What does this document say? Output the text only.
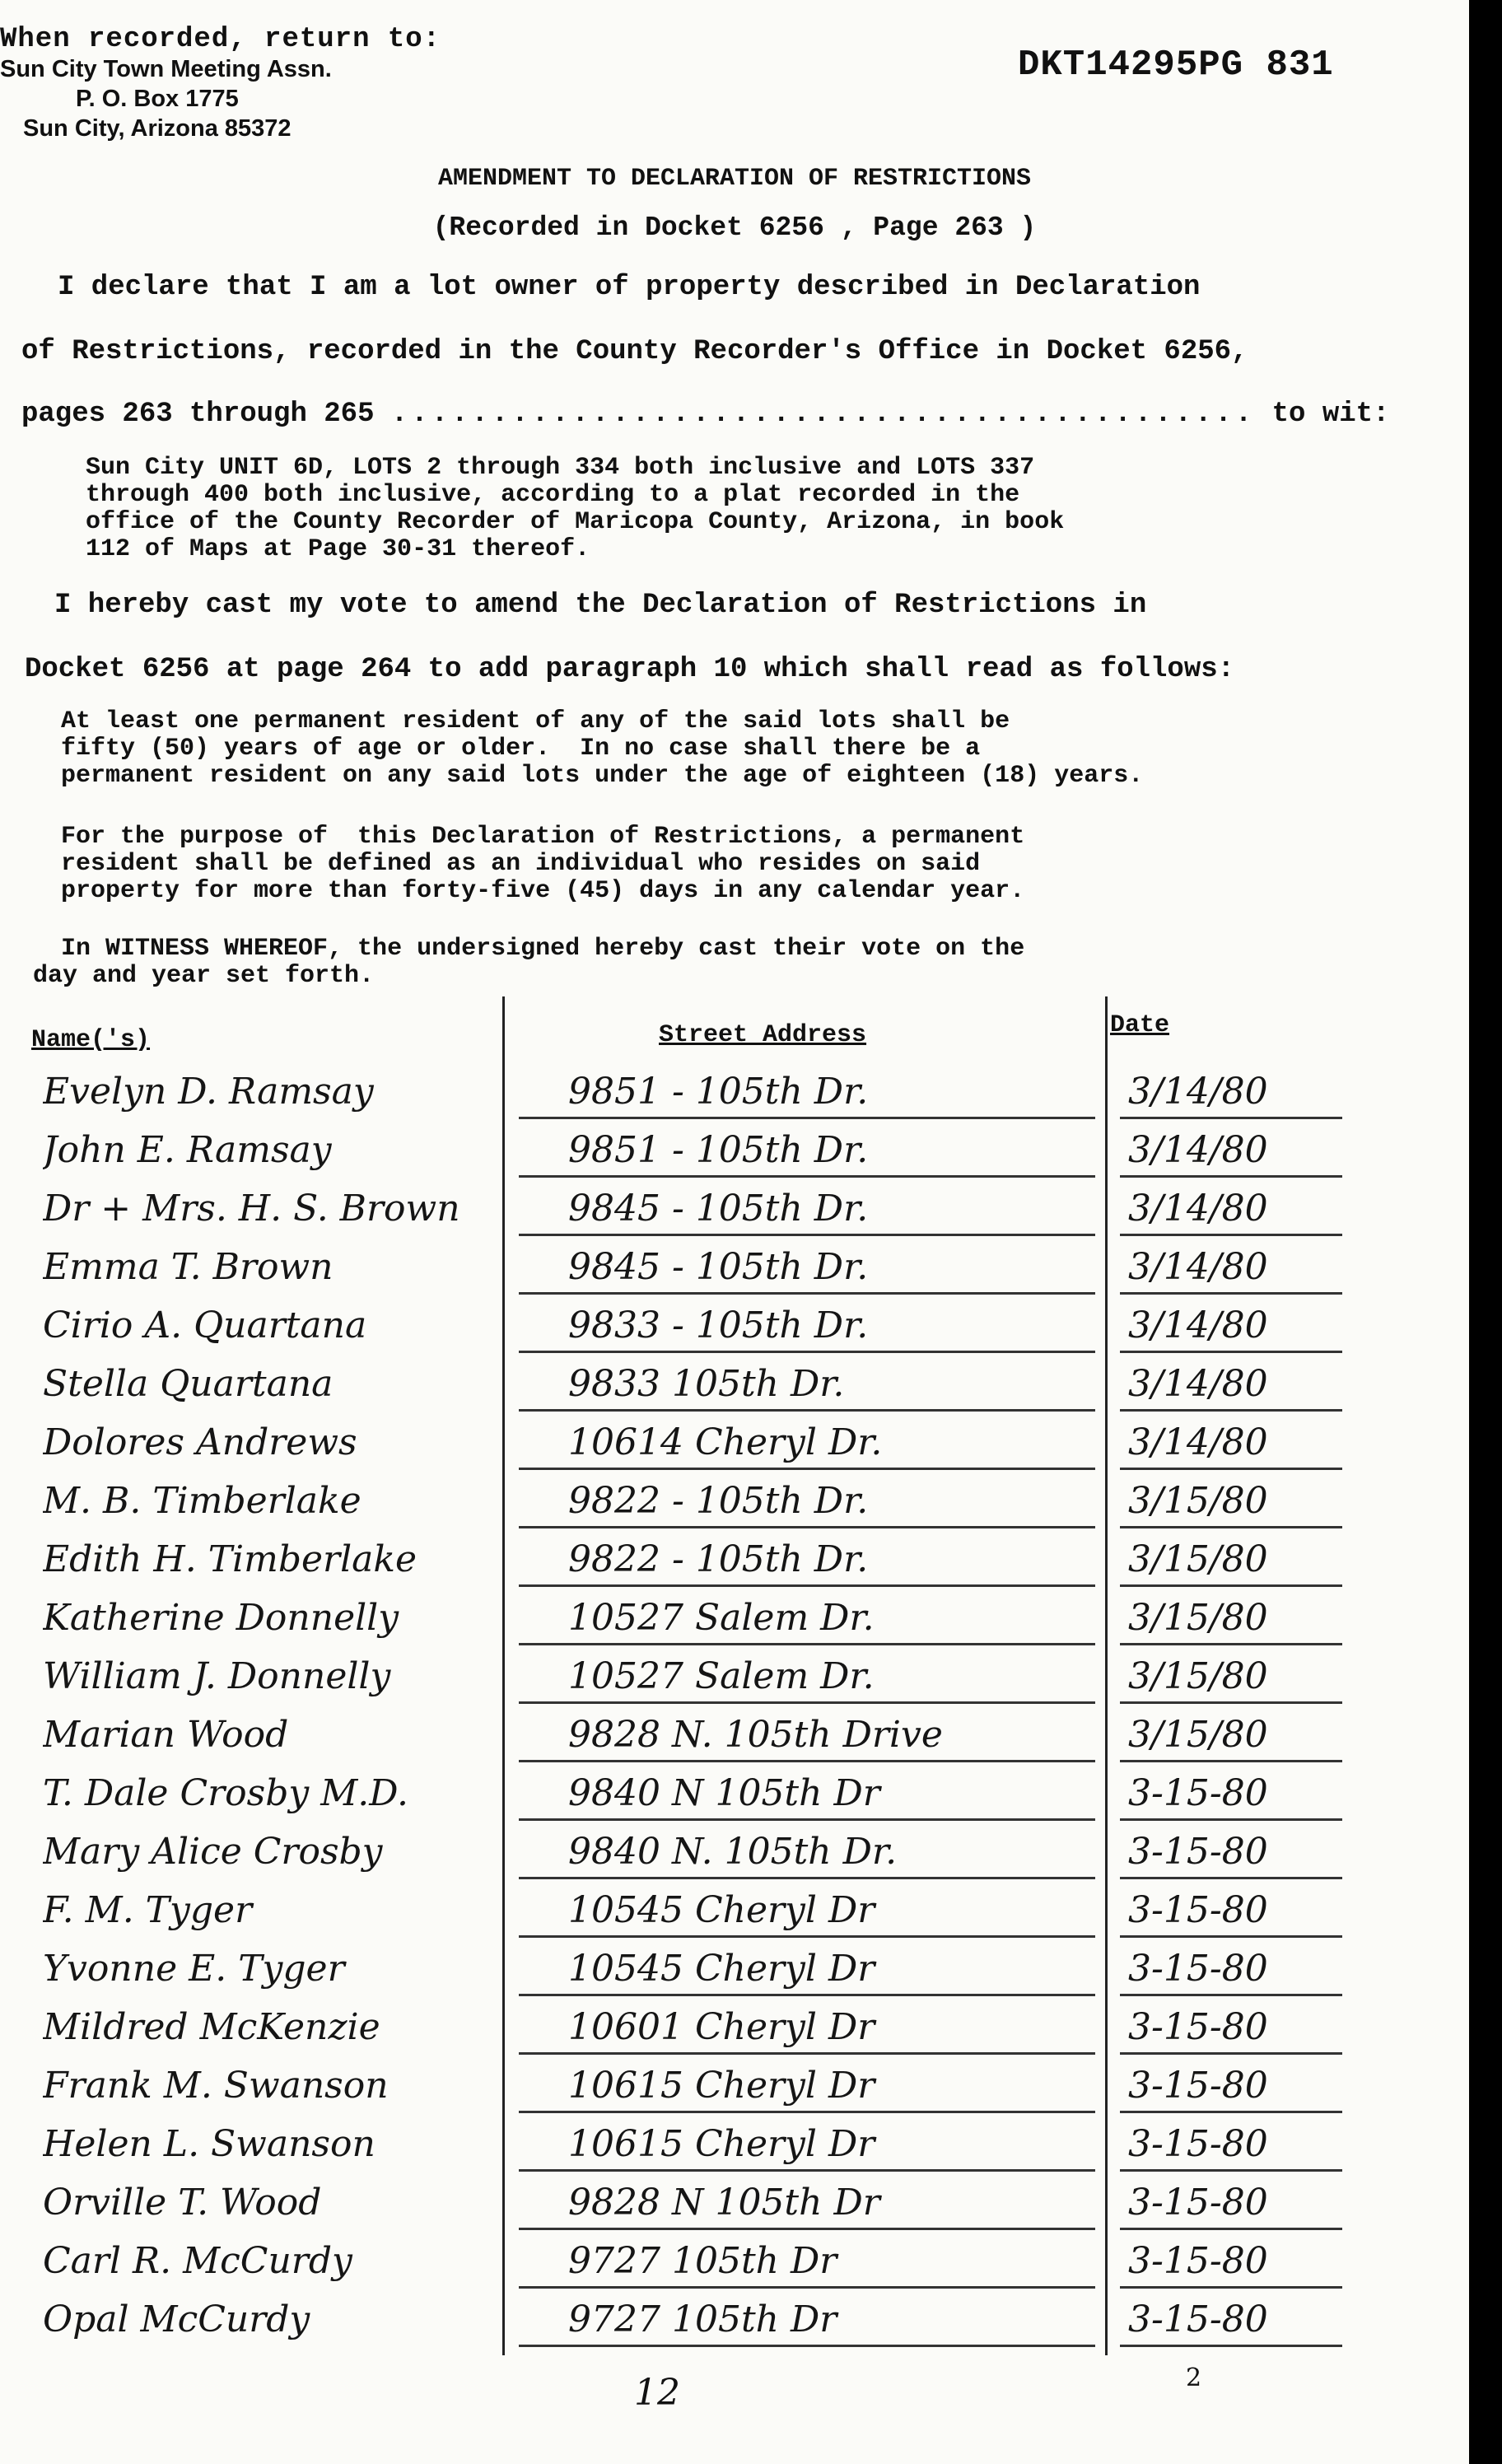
When recorded, return to:
Sun City Town Meeting Assn.
P. O. Box 1775
Sun City, Arizona 85372
DKT14295PG 831
AMENDMENT TO DECLARATION OF RESTRICTIONS
(Recorded in Docket 6256 , Page 263 )
I declare that I am a lot owner of property described in Declaration
of Restrictions, recorded in the County Recorder's Office in Docket 6256,
pages 263 through 265 ........................................... to wit:
Sun City UNIT 6D, LOTS 2 through 334 both inclusive and LOTS 337
through 400 both inclusive, according to a plat recorded in the
office of the County Recorder of Maricopa County, Arizona, in book
112 of Maps at Page 30-31 thereof.
I hereby cast my vote to amend the Declaration of Restrictions in
Docket 6256 at page 264 to add paragraph 10 which shall read as follows:
At least one permanent resident of any of the said lots shall be
fifty (50) years of age or older.  In no case shall there be a
permanent resident on any said lots under the age of eighteen (18) years.
For the purpose of  this Declaration of Restrictions, a permanent
resident shall be defined as an individual who resides on said
property for more than forty-five (45) days in any calendar year.
In WITNESS WHEREOF, the undersigned hereby cast their vote on the
day and year set forth.
Name('s)	Street Address	Date
Evelyn D. Ramsay	9851 - 105th Dr.	3/14/80
John E. Ramsay	9851 - 105th Dr.	3/14/80
Dr + Mrs. H. S. Brown	9845 - 105th Dr.	3/14/80
Emma T. Brown	9845 - 105th Dr.	3/14/80
Cirio A. Quartana	9833 - 105th Dr.	3/14/80
Stella Quartana	9833 105th Dr.	3/14/80
Dolores Andrews	10614 Cheryl Dr.	3/14/80
M. B. Timberlake	9822 - 105th Dr.	3/15/80
Edith H. Timberlake	9822 - 105th Dr.	3/15/80
Katherine Donnelly	10527 Salem Dr.	3/15/80
William J. Donnelly	10527 Salem Dr.	3/15/80
Marian Wood	9828 N. 105th Drive	3/15/80
T. Dale Crosby M.D.	9840 N 105th Dr	3-15-80
Mary Alice Crosby	9840 N. 105th Dr.	3-15-80
F. M. Tyger	10545 Cheryl Dr	3-15-80
Yvonne E. Tyger	10545 Cheryl Dr	3-15-80
Mildred McKenzie	10601 Cheryl Dr	3-15-80
Frank M. Swanson	10615 Cheryl Dr	3-15-80
Helen L. Swanson	10615 Cheryl Dr	3-15-80
Orville T. Wood	9828 N 105th Dr	3-15-80
Carl R. McCurdy	9727 105th Dr	3-15-80
Opal McCurdy	9727 105th Dr	3-15-80
12	2
